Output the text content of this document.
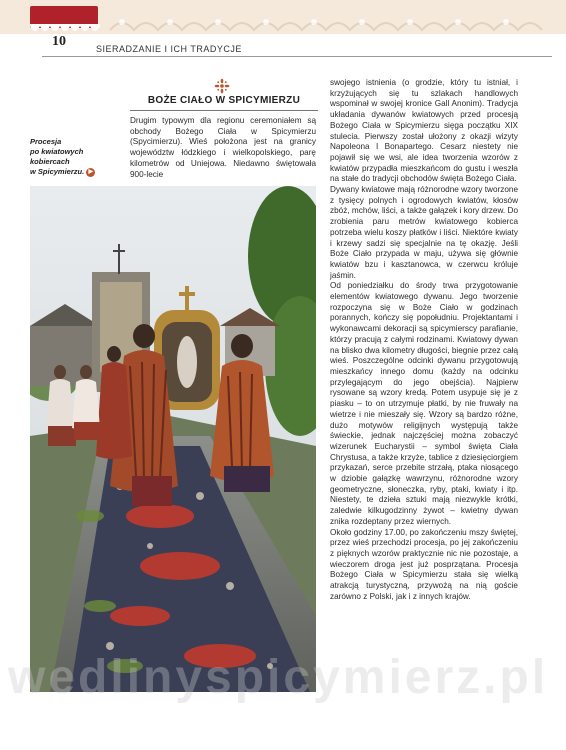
10	SIERADZANIE I ICH TRADYCJE
BOŻE CIAŁO W SPICYMIERZU
Procesja
po kwiatowych
kobiercach
w Spicymierzu. ▶

Drugim typowym dla regionu ceremoniałem są obchody Bożego Ciała w Spicymierzu (Spycimierzu). Wieś położona jest na granicy województw łódzkiego i wielkopolskiego, parę kilometrów od Uniejowa. Niedawno świętowała 900-lecie

swojego istnienia (o grodzie, który tu istniał, i krzyżujących się tu szlakach handlowych wspominał w swojej kronice Gall Anonim). Tradycja układania dywanów kwiatowych przed procesją Bożego Ciała w Spicymierzu sięga początku XIX stulecia. Pierwszy został ułożony z okazji wizyty Napoleona I Bonapartego. Cesarz niestety nie pojawił się we wsi, ale idea tworzenia wzorów z kwiatów przypadła mieszkańcom do gustu i weszła na stałe do tradycji obchodów święta Bożego Ciała.

Dywany kwiatowe mają różnorodne wzory tworzone z tysięcy polnych i ogrodowych kwiatów, kłosów zbóż, mchów, liści, a także gałązek i kory drzew. Do zrobienia paru metrów kwiatowego kobierca potrzeba wielu koszy płatków i liści. Niektóre kwiaty i krzewy sadzi się specjalnie na tę okazję. Jeśli Boże Ciało przypada w maju, używa się głównie kwiatów bzu i kasztanowca, w czerwcu króluje jaśmin.

Od poniedziałku do środy trwa przygotowanie elementów kwiatowego dywanu. Jego tworzenie rozpoczyna się w Boże Ciało w godzinach porannych, kończy się popołudniu. Projektantami i wykonawcami dekoracji są spicymierscy parafianie, którzy pracują z całymi rodzinami. Kwiatowy dywan na blisko dwa kilometry długości, biegnie przez całą wieś. Poszczególne odcinki dywanu przygotowują mieszkańcy innego domu (każdy na odcinku przylegającym do jego obejścia). Najpierw rysowane są wzory kredą. Potem usypuje się je z piasku – to on utrzymuje płatki, by nie fruwały na wietrze i nie mieszały się. Wzory są bardzo różne, dużo motywów religijnych występują także świeckie, jednak najczęściej można zobaczyć wizerunek Eucharystii – symbol święta Ciała Chrystusa, a także krzyże, tablice z dziesięciorgiem przykazań, serce przebite strzałą, ptaka niosącego w dziobie gałązkę wawrzynu, różnorodne wzory geometryczne, słoneczka, ryby, ptaki, kwiaty i itp. Niestety, te dzieła sztuki mają niezwykle krótki, zaledwie kilkugodzinny żywot – kwietny dywan znika rozdeptany przez wiernych.

Około godziny 17.00, po zakończeniu mszy świętej, przez wieś przechodzi procesja, po jej zakończeniu z pięknych wzorów praktycznie nic nie pozostaje, a wieczorem droga jest już posprzątana. Procesja Bożego Ciała w Spicymierzu stała się wielką atrakcją turystyczną, przywożą na nią goście zarówno z Polski, jak i z innych krajów.

wedlinyspicymierz.pl
